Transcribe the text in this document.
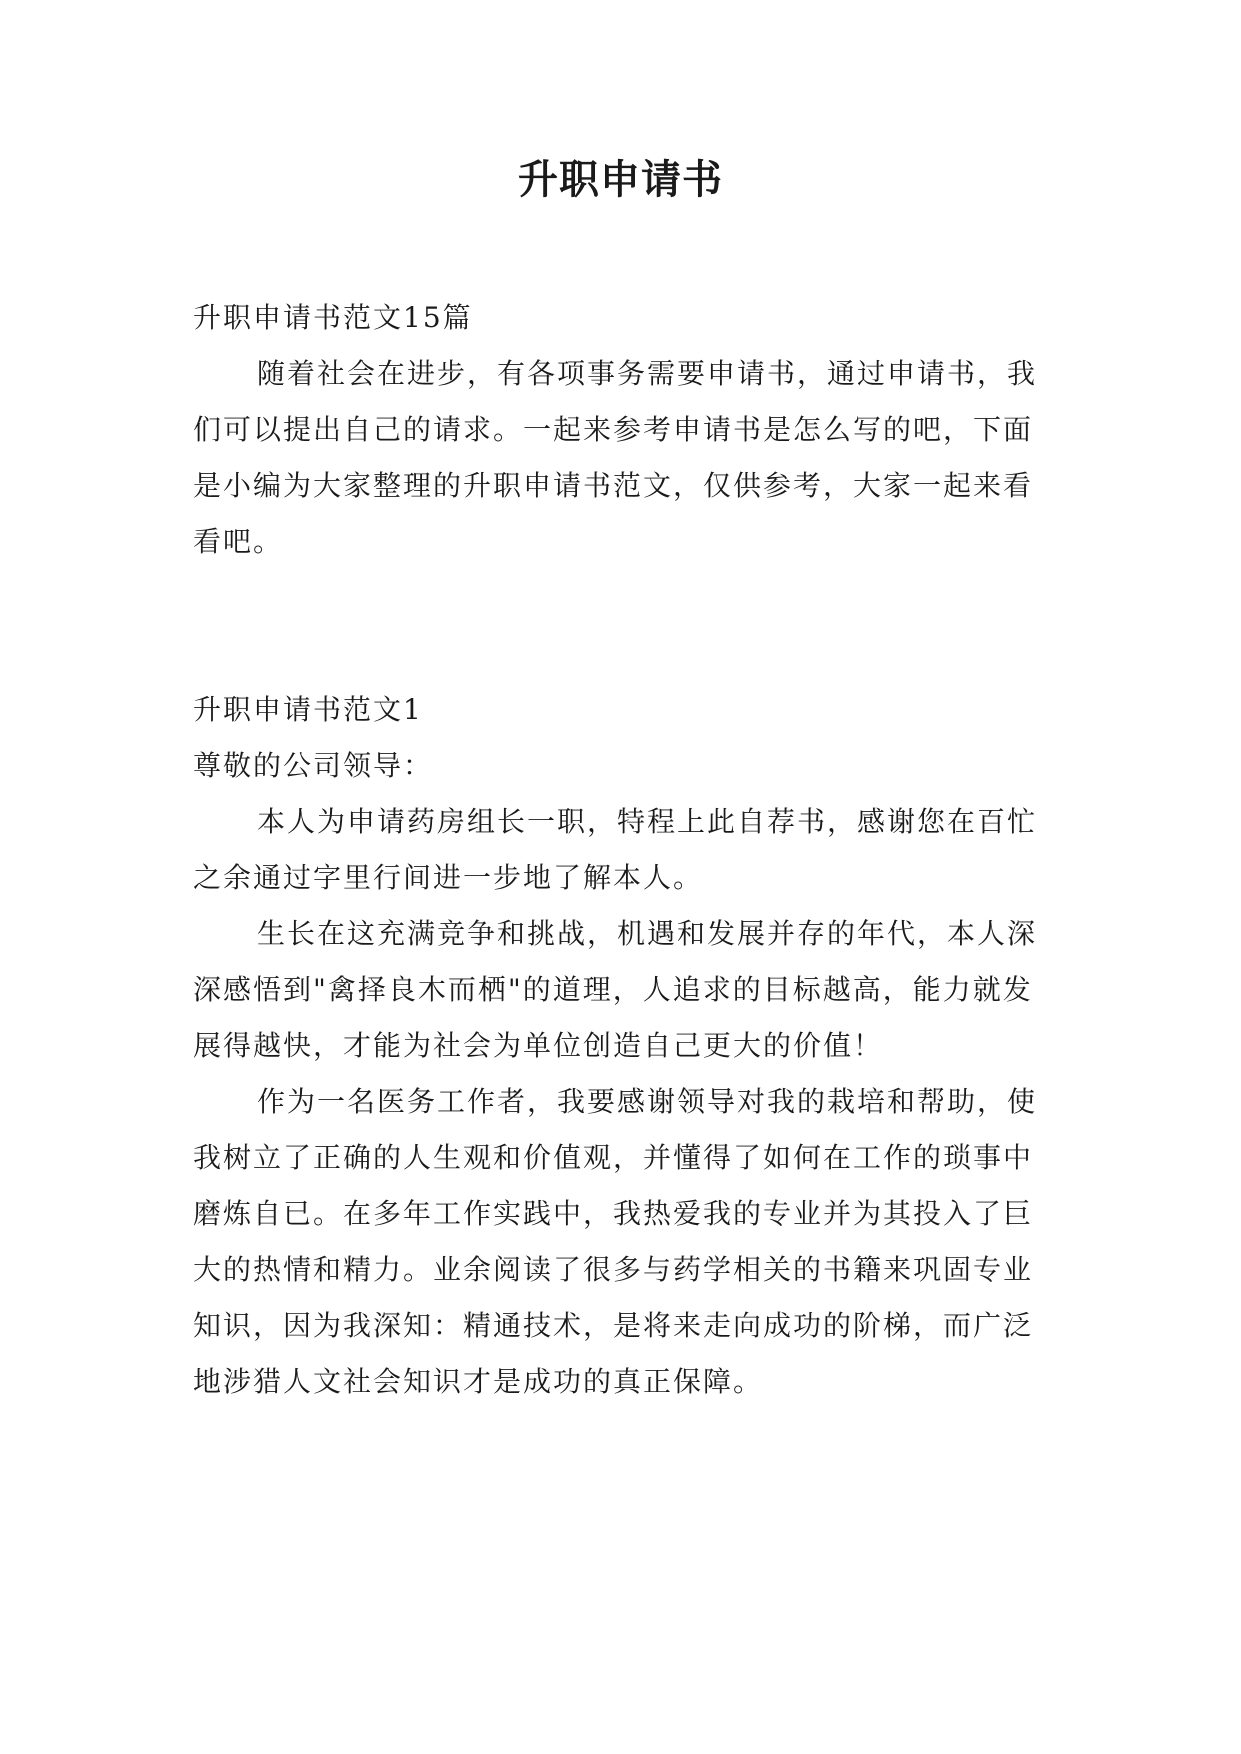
升职申请书

升职申请书范文15篇

随着社会在进步，有各项事务需要申请书，通过申请书，我们可以提出自己的请求。一起来参考申请书是怎么写的吧，下面是小编为大家整理的升职申请书范文，仅供参考，大家一起来看看吧。

升职申请书范文1

尊敬的公司领导：

本人为申请药房组长一职，特程上此自荐书，感谢您在百忙之余通过字里行间进一步地了解本人。

生长在这充满竞争和挑战，机遇和发展并存的年代，本人深深感悟到"禽择良木而栖"的道理，人追求的目标越高，能力就发展得越快，才能为社会为单位创造自己更大的价值！

作为一名医务工作者，我要感谢领导对我的栽培和帮助，使我树立了正确的人生观和价值观，并懂得了如何在工作的琐事中磨炼自已。在多年工作实践中，我热爱我的专业并为其投入了巨大的热情和精力。业余阅读了很多与药学相关的书籍来巩固专业知识，因为我深知：精通技术，是将来走向成功的阶梯，而广泛地涉猎人文社会知识才是成功的真正保障。
